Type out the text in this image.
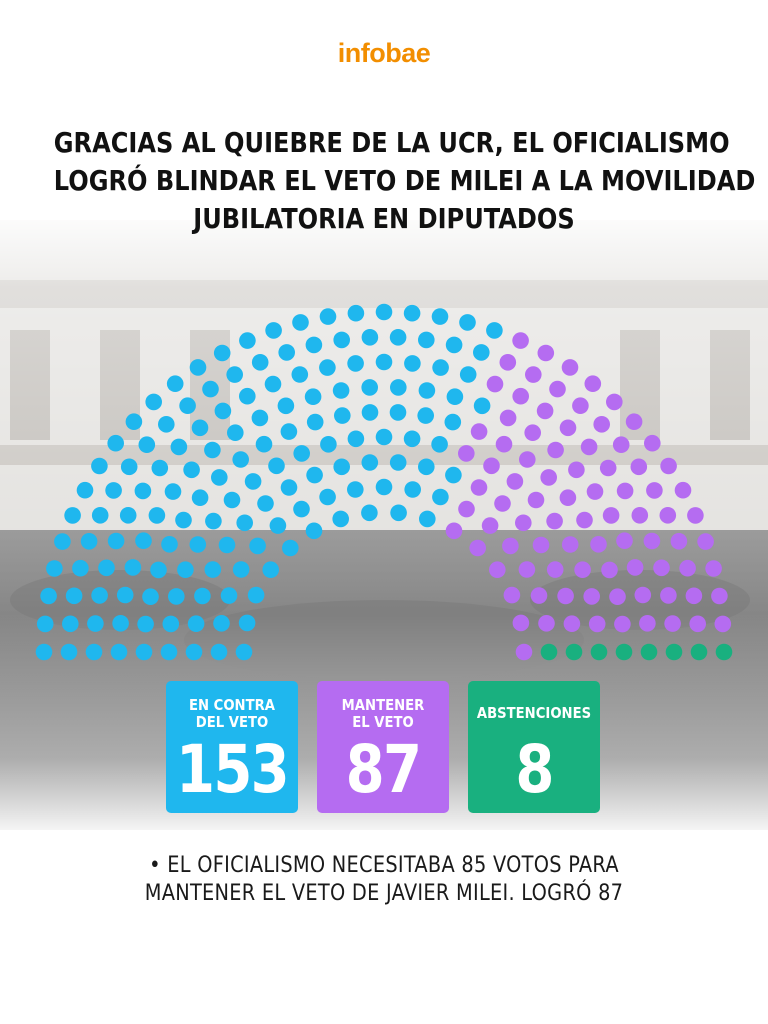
infobae
GRACIAS AL QUIEBRE DE LA UCR, EL OFICIALISMO
LOGRÓ BLINDAR EL VETO DE MILEI A LA MOVILIDAD
JUBILATORIA EN DIPUTADOS
EN CONTRA
DEL VETO
153
MANTENER
EL VETO
87
ABSTENCIONES
8
• EL OFICIALISMO NECESITABA 85 VOTOS PARA
MANTENER EL VETO DE JAVIER MILEI. LOGRÓ 87
